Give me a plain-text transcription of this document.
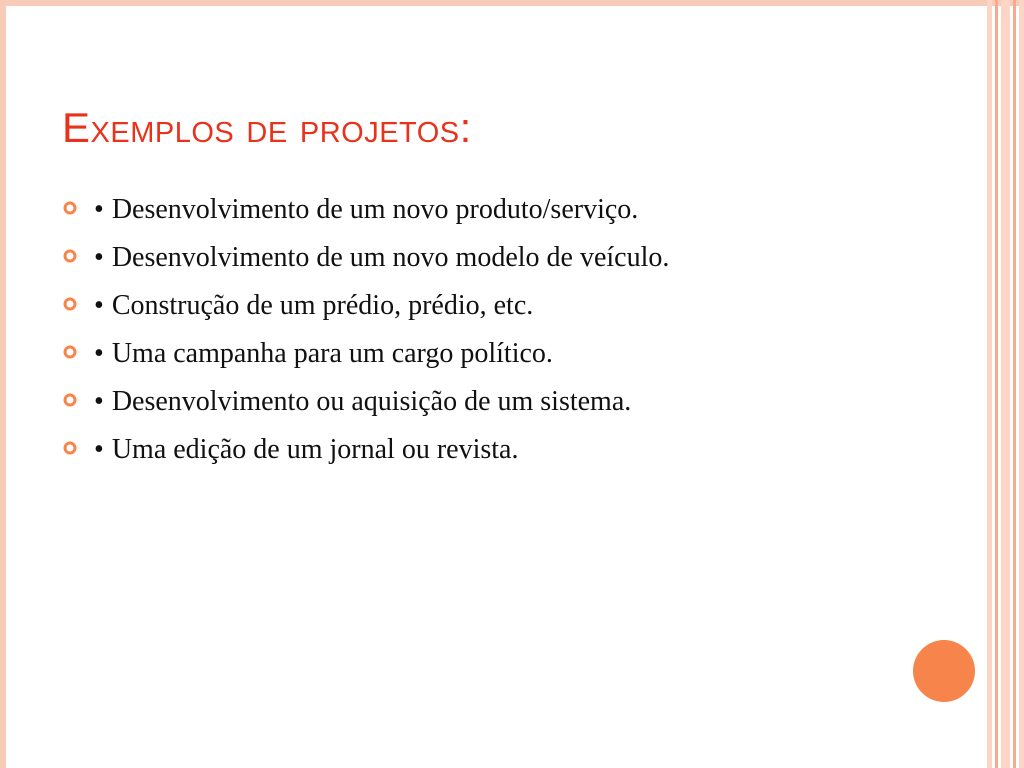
Exemplos de projetos:
• Desenvolvimento de um novo produto/serviço.
• Desenvolvimento de um novo modelo de veículo.
• Construção de um prédio, prédio, etc.
• Uma campanha para um cargo político.
• Desenvolvimento ou aquisição de um sistema.
• Uma edição de um jornal ou revista.
